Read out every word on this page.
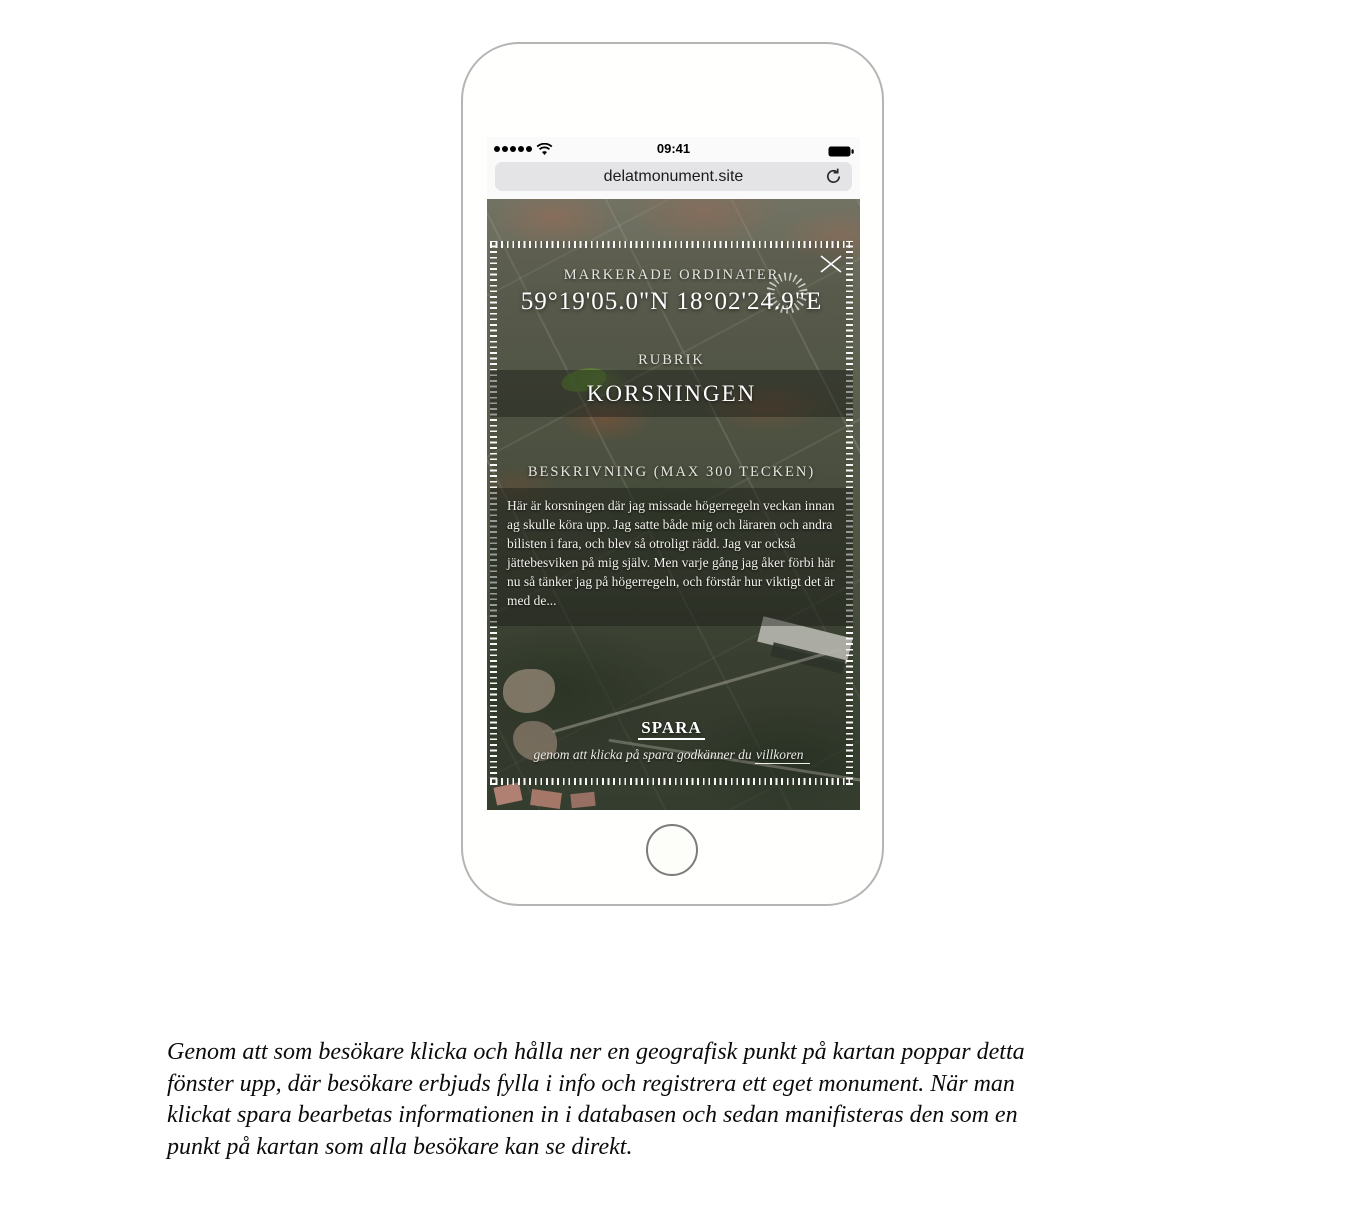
09:41
delatmonument.site
MARKERADE ORDINATER
59°19'05.0"N 18°02'24.9"E
RUBRIK
KORSNINGEN
BESKRIVNING (MAX 300 TECKEN)
Här är korsningen där jag missade högerregeln veckan innan ag skulle köra upp. Jag satte både mig och läraren och andra bilisten i fara, och blev så otroligt rädd. Jag var också jättebesviken på mig själv. Men varje gång jag åker förbi här nu så tänker jag på högerregeln, och förstår hur viktigt det är med de...
SPARA
genom att klicka på spara godkänner du villkoren
Genom att som besökare klicka och hålla ner en geografisk punkt på kartan poppar detta fönster upp, där besökare erbjuds fylla i info och registrera ett eget monument. När man klickat spara bearbetas informationen in i databasen och sedan manifisteras den som en punkt på kartan som alla besökare kan se direkt.
